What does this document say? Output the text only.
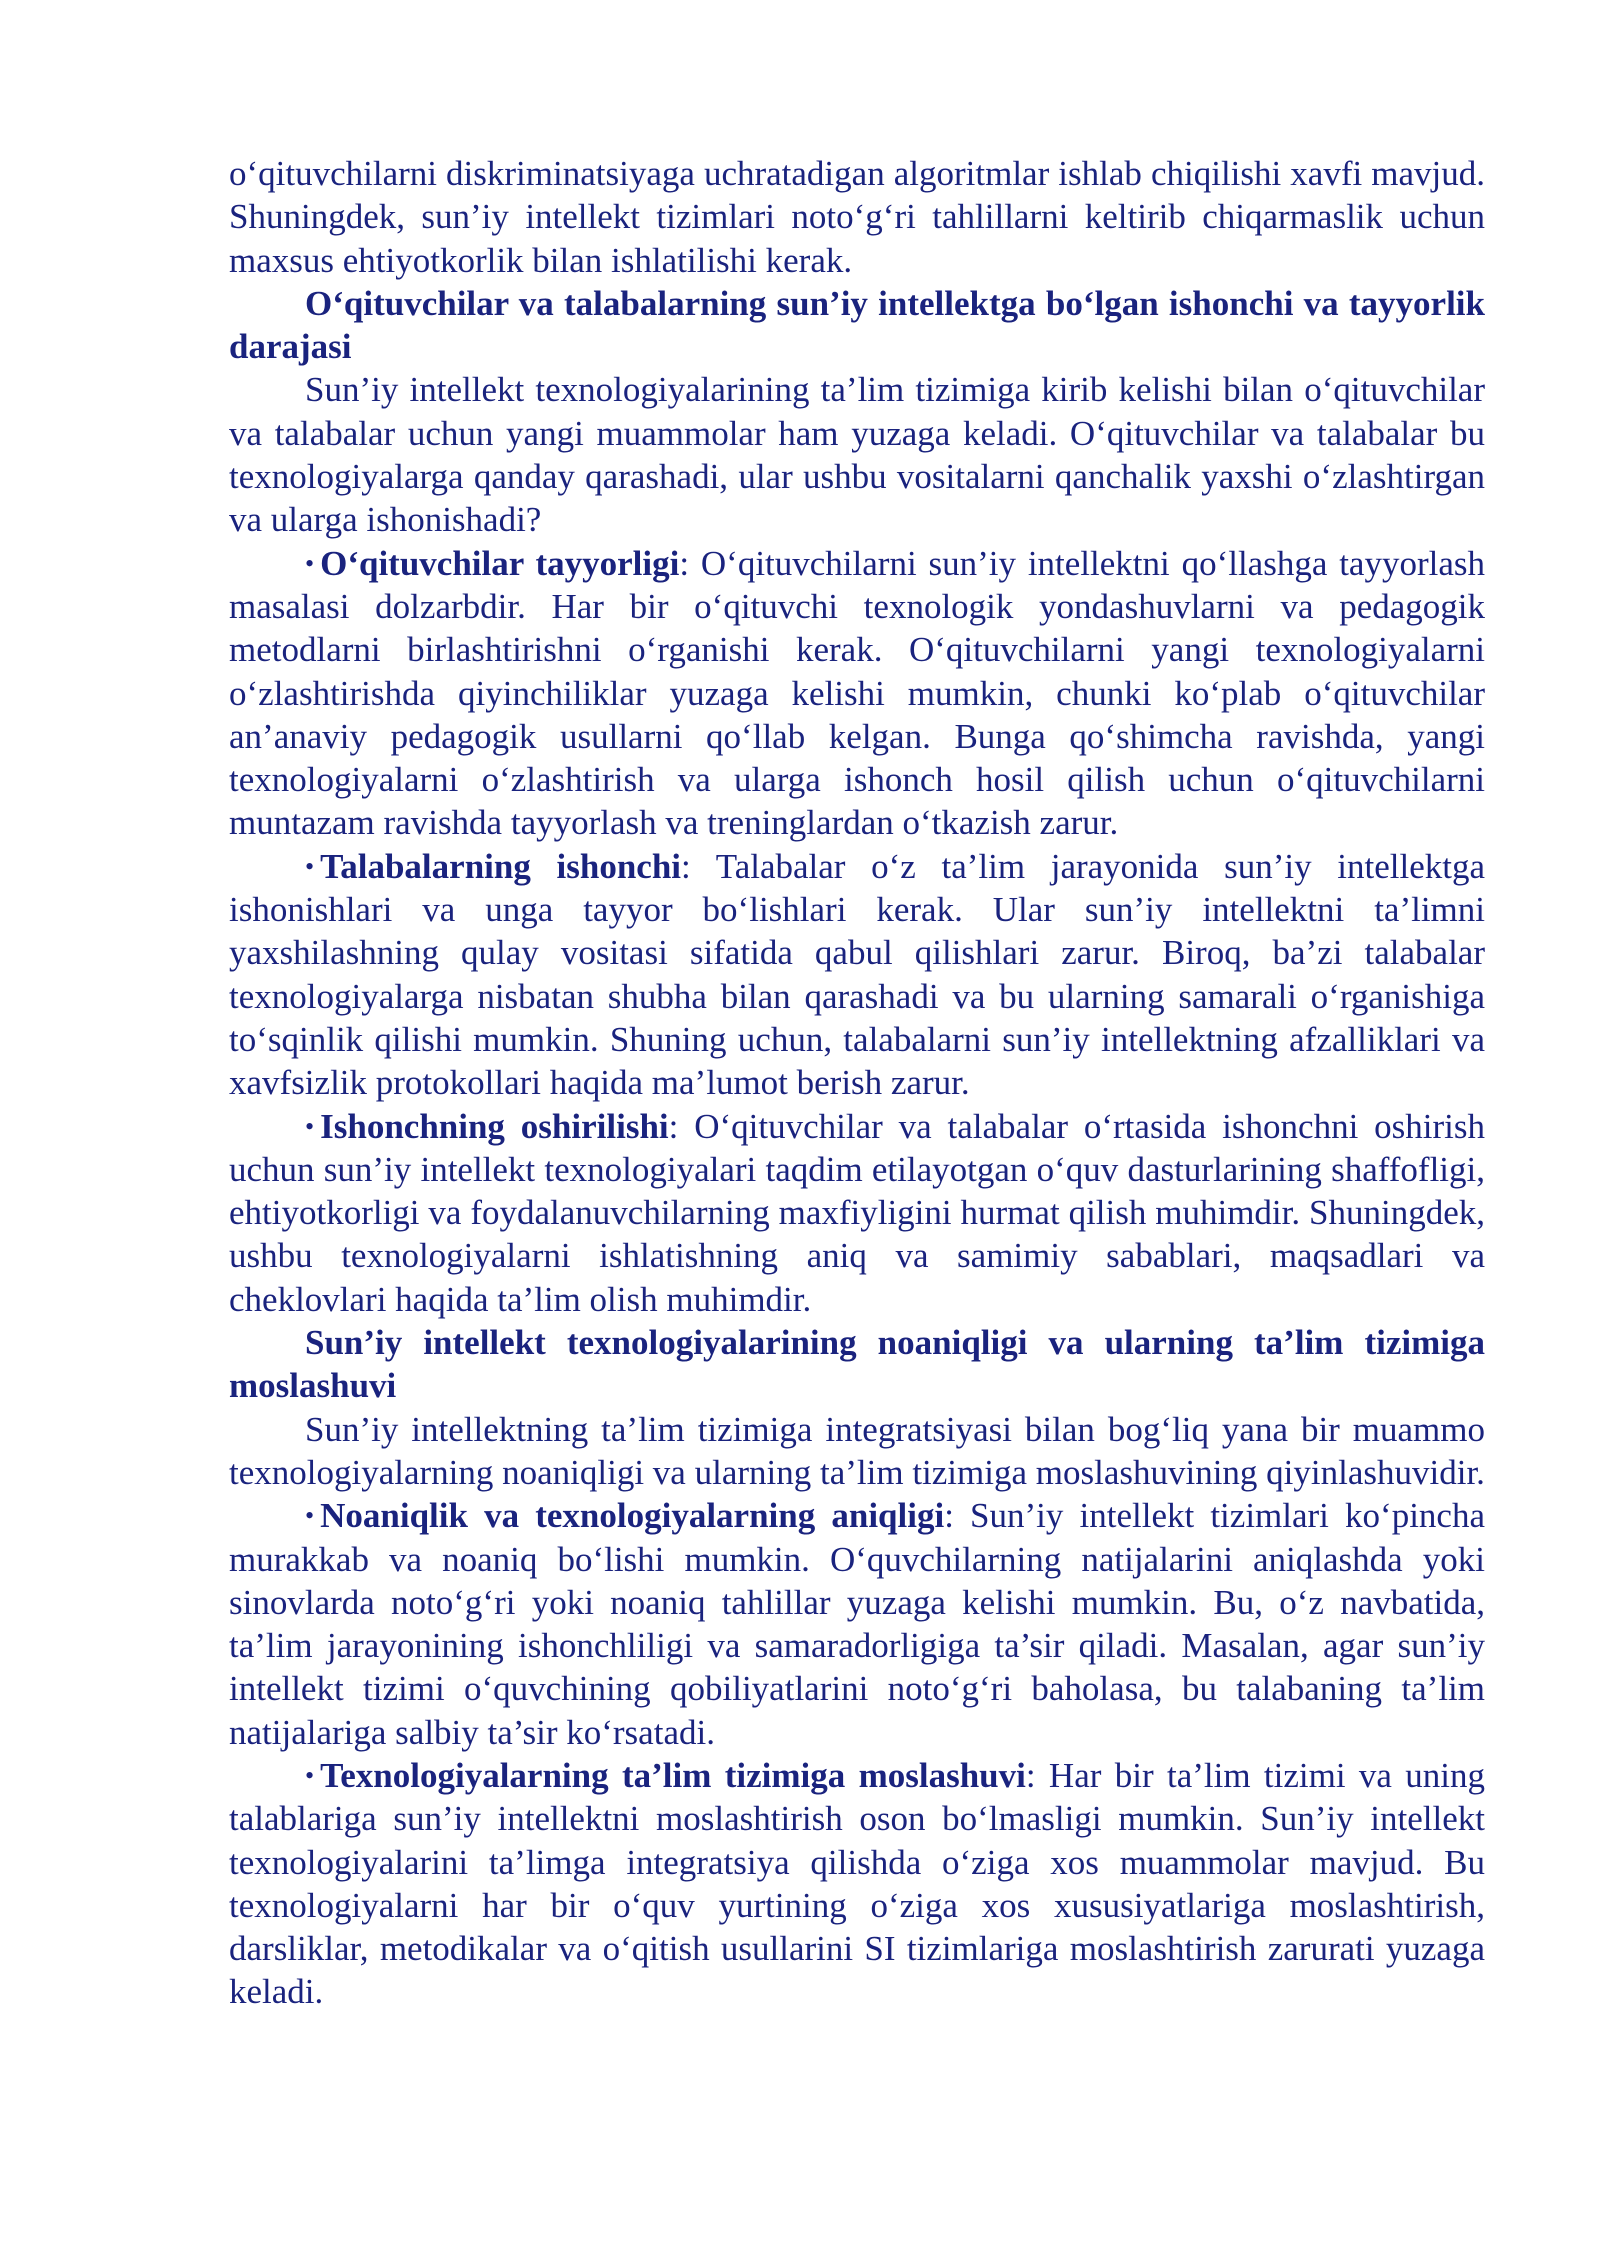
o‘qituvchilarni diskriminatsiyaga uchratadigan algoritmlar ishlab chiqilishi xavfi mavjud. Shuningdek, sun’iy intellekt tizimlari noto‘g‘ri tahlillarni keltirib chiqarmaslik uchun maxsus ehtiyotkorlik bilan ishlatilishi kerak.

O‘qituvchilar va talabalarning sun’iy intellektga bo‘lgan ishonchi va tayyorlik darajasi

Sun’iy intellekt texnologiyalarining ta’lim tizimiga kirib kelishi bilan o‘qituvchilar va talabalar uchun yangi muammolar ham yuzaga keladi. O‘qituvchilar va talabalar bu texnologiyalarga qanday qarashadi, ular ushbu vositalarni qanchalik yaxshi o‘zlashtirgan va ularga ishonishadi?

• O‘qituvchilar tayyorligi: O‘qituvchilarni sun’iy intellektni qo‘llashga tayyorlash masalasi dolzarbdir. Har bir o‘qituvchi texnologik yondashuvlarni va pedagogik metodlarni birlashtirishni o‘rganishi kerak. O‘qituvchilarni yangi texnologiyalarni o‘zlashtirishda qiyinchiliklar yuzaga kelishi mumkin, chunki ko‘plab o‘qituvchilar an’anaviy pedagogik usullarni qo‘llab kelgan. Bunga qo‘shimcha ravishda, yangi texnologiyalarni o‘zlashtirish va ularga ishonch hosil qilish uchun o‘qituvchilarni muntazam ravishda tayyorlash va treninglardan o‘tkazish zarur.

• Talabalarning ishonchi: Talabalar o‘z ta’lim jarayonida sun’iy intellektga ishonishlari va unga tayyor bo‘lishlari kerak. Ular sun’iy intellektni ta’limni yaxshilashning qulay vositasi sifatida qabul qilishlari zarur. Biroq, ba’zi talabalar texnologiyalarga nisbatan shubha bilan qarashadi va bu ularning samarali o‘rganishiga to‘sqinlik qilishi mumkin. Shuning uchun, talabalarni sun’iy intellektning afzalliklari va xavfsizlik protokollari haqida ma’lumot berish zarur.

• Ishonchning oshirilishi: O‘qituvchilar va talabalar o‘rtasida ishonchni oshirish uchun sun’iy intellekt texnologiyalari taqdim etilayotgan o‘quv dasturlarining shaffofligi, ehtiyotkorligi va foydalanuvchilarning maxfiyligini hurmat qilish muhimdir. Shuningdek, ushbu texnologiyalarni ishlatishning aniq va samimiy sabablari, maqsadlari va cheklovlari haqida ta’lim olish muhimdir.

Sun’iy intellekt texnologiyalarining noaniqligi va ularning ta’lim tizimiga moslashuvi

Sun’iy intellektning ta’lim tizimiga integratsiyasi bilan bog‘liq yana bir muammo texnologiyalarning noaniqligi va ularning ta’lim tizimiga moslashuvining qiyinlashuvidir.

• Noaniqlik va texnologiyalarning aniqligi: Sun’iy intellekt tizimlari ko‘pincha murakkab va noaniq bo‘lishi mumkin. O‘quvchilarning natijalarini aniqlashda yoki sinovlarda noto‘g‘ri yoki noaniq tahlillar yuzaga kelishi mumkin. Bu, o‘z navbatida, ta’lim jarayonining ishonchliligi va samaradorligiga ta’sir qiladi. Masalan, agar sun’iy intellekt tizimi o‘quvchining qobiliyatlarini noto‘g‘ri baholasa, bu talabaning ta’lim natijalariga salbiy ta’sir ko‘rsatadi.

• Texnologiyalarning ta’lim tizimiga moslashuvi: Har bir ta’lim tizimi va uning talablariga sun’iy intellektni moslashtirish oson bo‘lmasligi mumkin. Sun’iy intellekt texnologiyalarini ta’limga integratsiya qilishda o‘ziga xos muammolar mavjud. Bu texnologiyalarni har bir o‘quv yurtining o‘ziga xos xususiyatlariga moslashtirish, darsliklar, metodikalar va o‘qitish usullarini SI tizimlariga moslashtirish zarurati yuzaga keladi.
